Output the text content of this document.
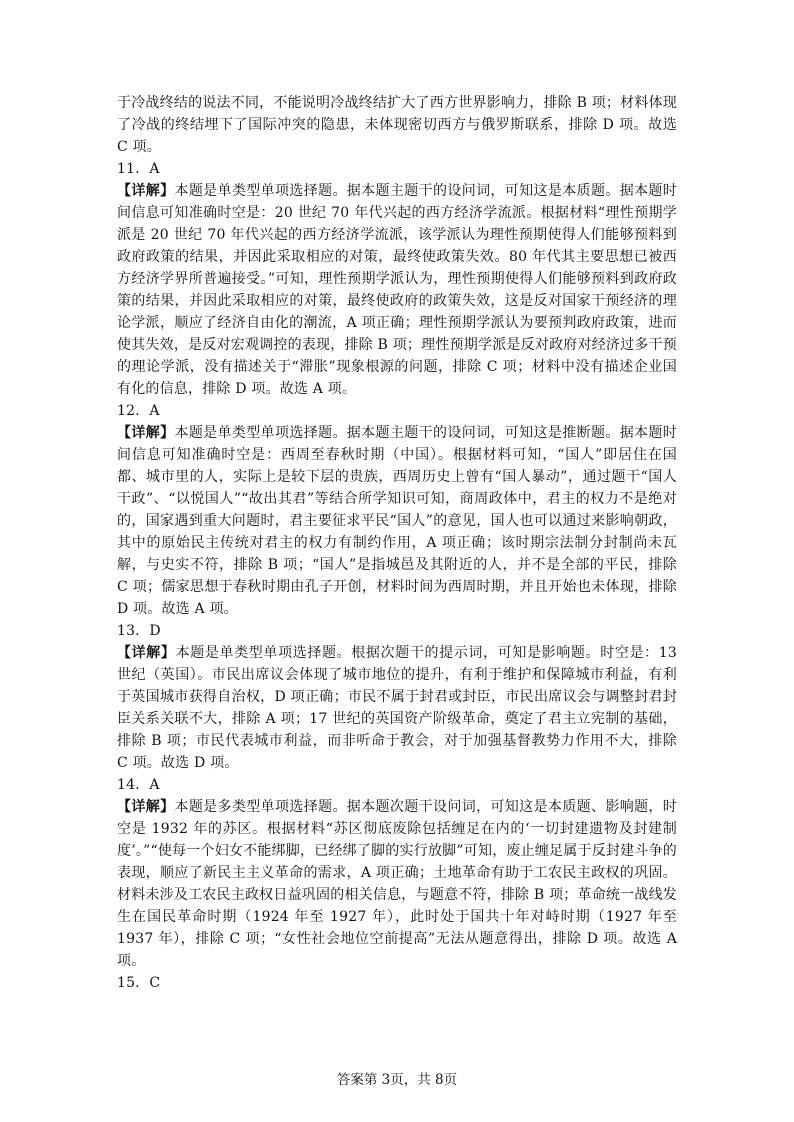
于冷战终结的说法不同，不能说明冷战终结扩大了西方世界影响力，排除 B 项；材料体现了冷战的终结埋下了国际冲突的隐患，未体现密切西方与俄罗斯联系，排除 D 项。故选 C 项。

11．A

【详解】本题是单类型单项选择题。据本题主题干的设问词，可知这是本质题。据本题时间信息可知准确时空是：20 世纪 70 年代兴起的西方经济学流派。根据材料“理性预期学派是 20 世纪 70 年代兴起的西方经济学流派，该学派认为理性预期使得人们能够预料到政府政策的结果，并因此采取相应的对策，最终使政策失效。80 年代其主要思想已被西方经济学界所普遍接受。”可知，理性预期学派认为，理性预期使得人们能够预料到政府政策的结果，并因此采取相应的对策，最终使政府的政策失效，这是反对国家干预经济的理论学派，顺应了经济自由化的潮流，A 项正确；理性预期学派认为要预判政府政策，进而使其失效，是反对宏观调控的表现，排除 B 项；理性预期学派是反对政府对经济过多干预的理论学派，没有描述关于“滞胀”现象根源的问题，排除 C 项；材料中没有描述企业国有化的信息，排除 D 项。故选 A 项。

12．A

【详解】本题是单类型单项选择题。据本题主题干的设问词，可知这是推断题。据本题时间信息可知准确时空是：西周至春秋时期（中国）。根据材料可知，“国人”即居住在国都、城市里的人，实际上是较下层的贵族，西周历史上曾有“国人暴动”，通过题干“国人干政”、“以悦国人”“故出其君”等结合所学知识可知，商周政体中，君主的权力不是绝对的，国家遇到重大问题时，君主要征求平民“国人”的意见，国人也可以通过来影响朝政，其中的原始民主传统对君主的权力有制约作用，A 项正确；该时期宗法制分封制尚未瓦解，与史实不符，排除 B 项；“国人”是指城邑及其附近的人，并不是全部的平民，排除 C 项；儒家思想于春秋时期由孔子开创，材料时间为西周时期，并且开始也未体现，排除 D 项。故选 A 项。

13．D

【详解】本题是单类型单项选择题。根据次题干的提示词，可知是影响题。时空是：13 世纪（英国）。市民出席议会体现了城市地位的提升，有利于维护和保障城市利益，有利于英国城市获得自治权，D 项正确；市民不属于封君或封臣，市民出席议会与调整封君封臣关系关联不大，排除 A 项；17 世纪的英国资产阶级革命，奠定了君主立宪制的基础，排除 B 项；市民代表城市利益，而非听命于教会，对于加强基督教势力作用不大，排除 C 项。故选 D 项。

14．A

【详解】本题是多类型单项选择题。据本题次题干设问词，可知这是本质题、影响题，时空是 1932 年的苏区。根据材料“苏区彻底废除包括缠足在内的‘一切封建遗物及封建制度’。”“使每一个妇女不能绑脚，已经绑了脚的实行放脚”可知，废止缠足属于反封建斗争的表现，顺应了新民主主义革命的需求，A 项正确；土地革命有助于工农民主政权的巩固。材料未涉及工农民主政权日益巩固的相关信息，与题意不符，排除 B 项；革命统一战线发生在国民革命时期（1924 年至 1927 年），此时处于国共十年对峙时期（1927 年至 1937 年），排除 C 项；“女性社会地位空前提高”无法从题意得出，排除 D 项。故选 A 项。

15．C

答案第 3页，共 8页
